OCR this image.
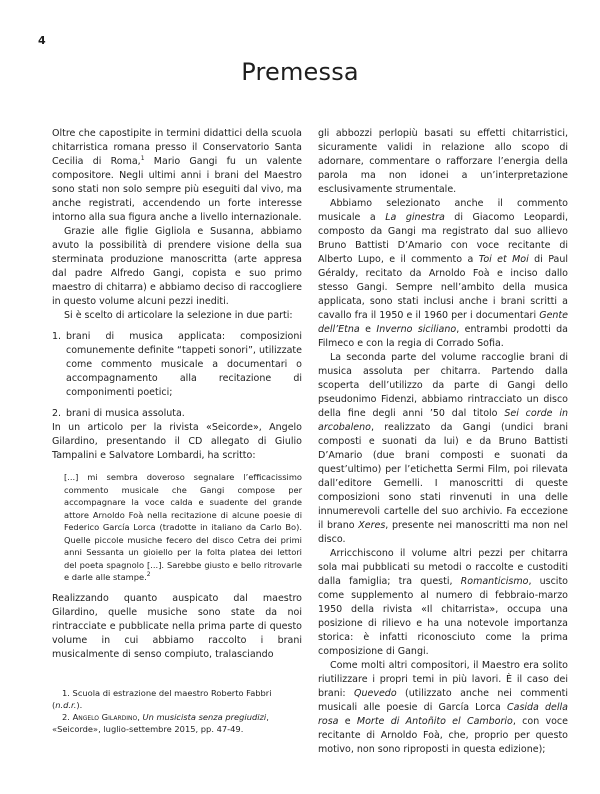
4
Premessa

Oltre che capostipite in termini didattici della scuola chitarristica romana presso il Conservatorio Santa Cecilia di Roma,$^1$ Mario Gangi fu un valente compositore. Negli ultimi anni i brani del Maestro sono stati non solo sempre più eseguiti dal vivo, ma anche registrati, accendendo un forte interesse intorno alla sua figura anche a livello internazionale.

Grazie alle figlie Gigliola e Susanna, abbiamo avuto la possibilità di prendere visione della sua sterminata produzione manoscritta (arte appresa dal padre Alfredo Gangi, copista e suo primo maestro di chitarra) e abbiamo deciso di raccogliere in questo volume alcuni pezzi inediti.

Si è scelto di articolare la selezione in due parti:

1. brani di musica applicata: composizioni comunemente definite “tappeti sonori”, utilizzate come commento musicale a documentari o accompagnamento alla recitazione di componimenti poetici;
2. brani di musica assoluta.

In un articolo per la rivista «Seicorde», Angelo Gilardino, presentando il CD allegato di Giulio Tampalini e Salvatore Lombardi, ha scritto:

[...] mi sembra doveroso segnalare l’efficacissimo commento musicale che Gangi compose per accompagnare la voce calda e suadente del grande attore Arnoldo Foà nella recitazione di alcune poesie di Federico García Lorca (tradotte in italiano da Carlo Bo). Quelle piccole musiche fecero del disco Cetra dei primi anni Sessanta un gioiello per la folta platea dei lettori del poeta spagnolo [...]. Sarebbe giusto e bello ritrovarle e darle alle stampe.$^2$

Realizzando quanto auspicato dal maestro Gilardino, quelle musiche sono state da noi rintracciate e pubblicate nella prima parte di questo volume in cui abbiamo raccolto i brani musicalmente di senso compiuto, tralasciando

1. Scuola di estrazione del maestro Roberto Fabbri (n.d.r.).

2. Angelo Gilardino, Un musicista senza pregiudizi, «Seicorde», luglio-settembre 2015, pp. 47-49.

gli abbozzi perlopiù basati su effetti chitarristici, sicuramente validi in relazione allo scopo di adornare, commentare o rafforzare l’energia della parola ma non idonei a un’interpretazione esclusivamente strumentale.

Abbiamo selezionato anche il commento musicale a La ginestra di Giacomo Leopardi, composto da Gangi ma registrato dal suo allievo Bruno Battisti D’Amario con voce recitante di Alberto Lupo, e il commento a Toi et Moi di Paul Géraldy, recitato da Arnoldo Foà e inciso dallo stesso Gangi. Sempre nell’ambito della musica applicata, sono stati inclusi anche i brani scritti a cavallo fra il 1950 e il 1960 per i documentari Gente dell’Etna e Inverno siciliano, entrambi prodotti da Filmeco e con la regia di Corrado Sofia.

La seconda parte del volume raccoglie brani di musica assoluta per chitarra. Partendo dalla scoperta dell’utilizzo da parte di Gangi dello pseudonimo Fidenzi, abbiamo rintracciato un disco della fine degli anni ’50 dal titolo Sei corde in arcobaleno, realizzato da Gangi (undici brani composti e suonati da lui) e da Bruno Battisti D’Amario (due brani composti e suonati da quest’ultimo) per l’etichetta Sermi Film, poi rilevata dall’editore Gemelli. I manoscritti di queste composizioni sono stati rinvenuti in una delle innumerevoli cartelle del suo archivio. Fa eccezione il brano Xeres, presente nei manoscritti ma non nel disco.

Arricchiscono il volume altri pezzi per chitarra sola mai pubblicati su metodi o raccolte e custoditi dalla famiglia; tra questi, Romanticismo, uscito come supplemento al numero di febbraio-marzo 1950 della rivista «Il chitarrista», occupa una posizione di rilievo e ha una notevole importanza storica: è infatti riconosciuto come la prima composizione di Gangi.

Come molti altri compositori, il Maestro era solito riutilizzare i propri temi in più lavori. È il caso dei brani: Quevedo (utilizzato anche nei commenti musicali alle poesie di García Lorca Casida della rosa e Morte di Antoñito el Camborio, con voce recitante di Arnoldo Foà, che, proprio per questo motivo, non sono riproposti in questa edizione);
